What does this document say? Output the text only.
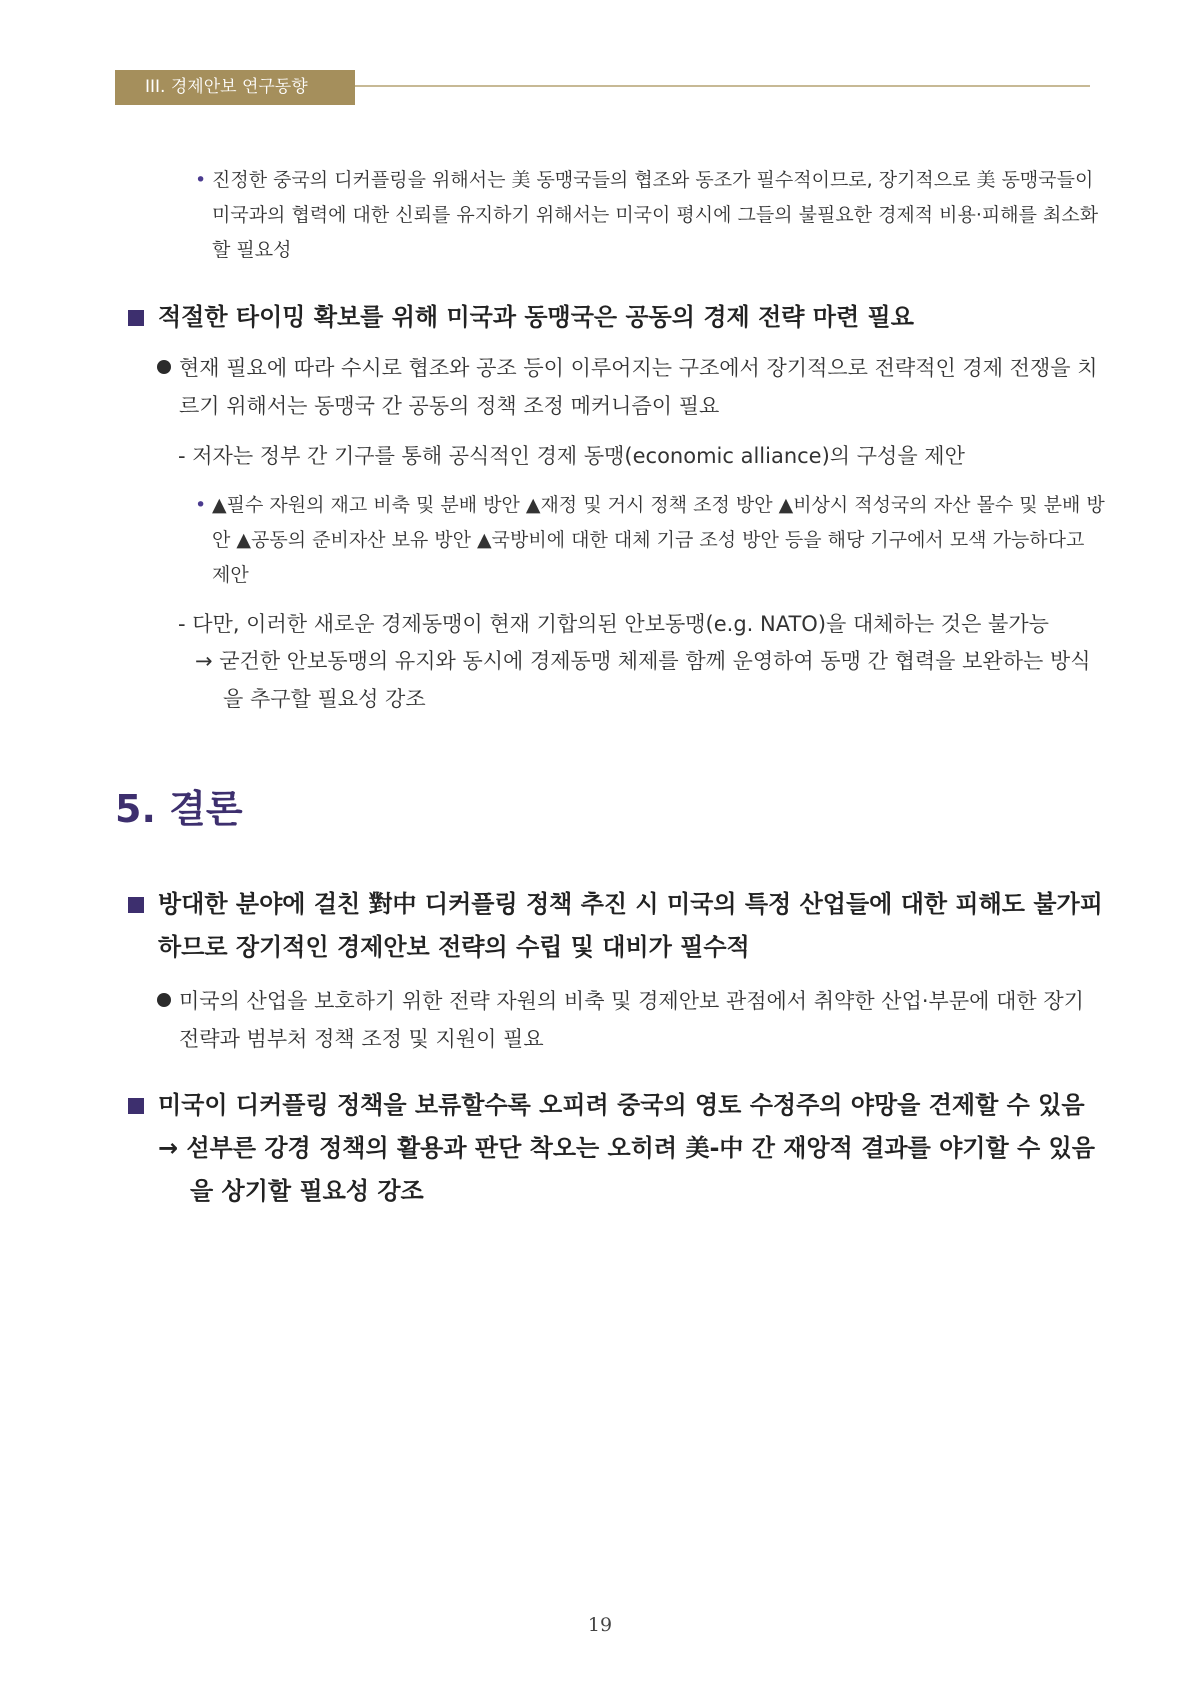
III. 경제안보 연구동향
• 진정한 중국의 디커플링을 위해서는 美 동맹국들의 협조와 동조가 필수적이므로, 장기적으로 美 동맹국들이 미국과의 협력에 대한 신뢰를 유지하기 위해서는 미국이 평시에 그들의 불필요한 경제적 비용·피해를 최소화할 필요성
적절한 타이밍 확보를 위해 미국과 동맹국은 공동의 경제 전략 마련 필요
현재 필요에 따라 수시로 협조와 공조 등이 이루어지는 구조에서 장기적으로 전략적인 경제 전쟁을 치르기 위해서는 동맹국 간 공동의 정책 조정 메커니즘이 필요
- 저자는 정부 간 기구를 통해 공식적인 경제 동맹(economic alliance)의 구성을 제안
• ▲필수 자원의 재고 비축 및 분배 방안 ▲재정 및 거시 정책 조정 방안 ▲비상시 적성국의 자산 몰수 및 분배 방안 ▲공동의 준비자산 보유 방안 ▲국방비에 대한 대체 기금 조성 방안 등을 해당 기구에서 모색 가능하다고 제안
- 다만, 이러한 새로운 경제동맹이 현재 기합의된 안보동맹(e.g. NATO)을 대체하는 것은 불가능
→ 굳건한 안보동맹의 유지와 동시에 경제동맹 체제를 함께 운영하여 동맹 간 협력을 보완하는 방식을 추구할 필요성 강조
5. 결론
방대한 분야에 걸친 對中 디커플링 정책 추진 시 미국의 특정 산업들에 대한 피해도 불가피하므로 장기적인 경제안보 전략의 수립 및 대비가 필수적
미국의 산업을 보호하기 위한 전략 자원의 비축 및 경제안보 관점에서 취약한 산업·부문에 대한 장기 전략과 범부처 정책 조정 및 지원이 필요
미국이 디커플링 정책을 보류할수록 오피려 중국의 영토 수정주의 야망을 견제할 수 있음
→ 섣부른 강경 정책의 활용과 판단 착오는 오히려 美-中 간 재앙적 결과를 야기할 수 있음을 상기할 필요성 강조
19
